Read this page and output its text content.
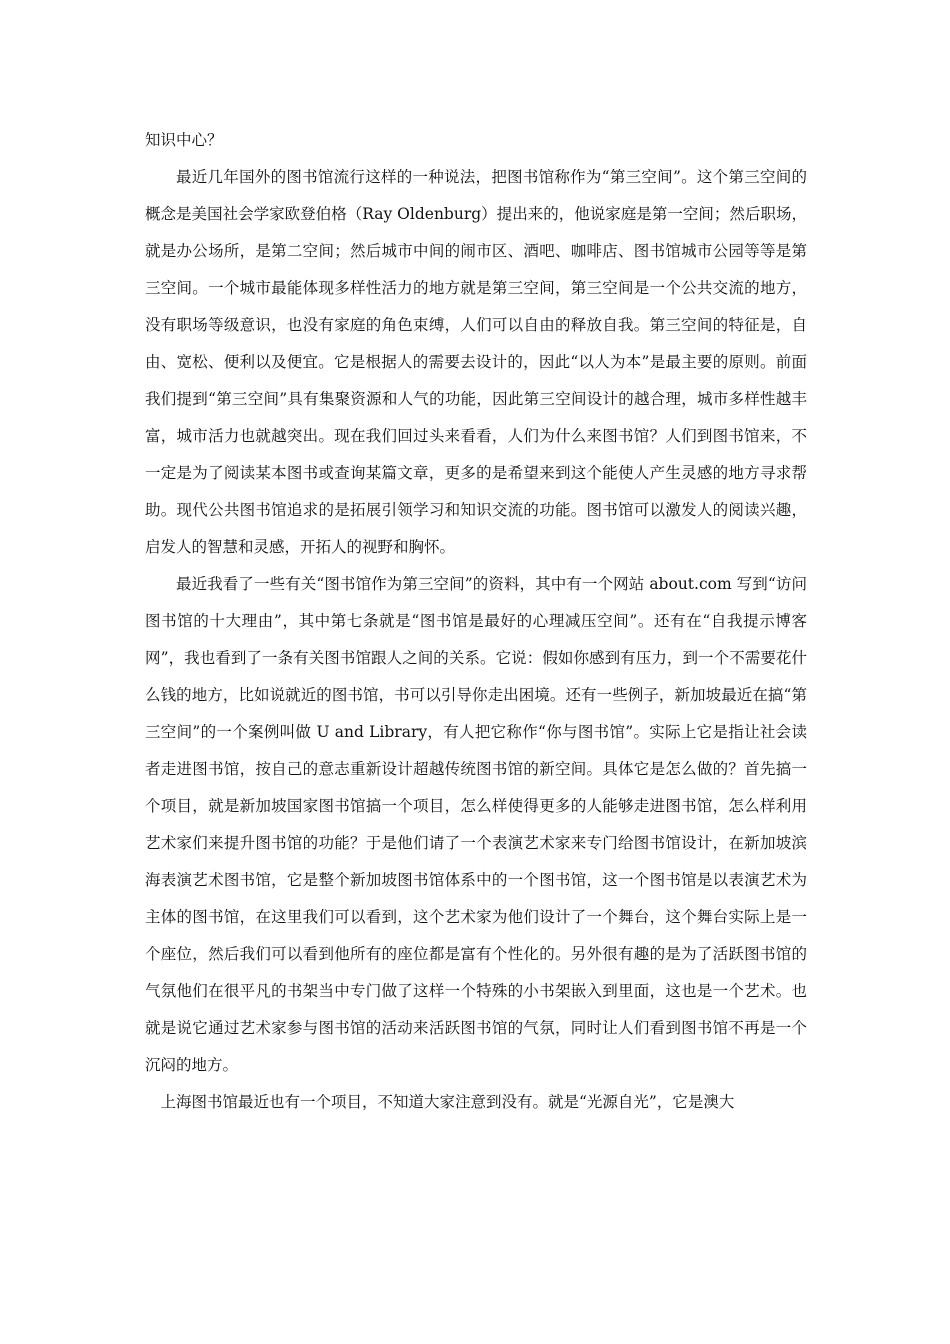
知识中心？

最近几年国外的图书馆流行这样的一种说法，把图书馆称作为“第三空间”。这个第三空间的概念是美国社会学家欧登伯格（Ray Oldenburg）提出来的，他说家庭是第一空间；然后职场，就是办公场所，是第二空间；然后城市中间的闹市区、酒吧、咖啡店、图书馆城市公园等等是第三空间。一个城市最能体现多样性活力的地方就是第三空间，第三空间是一个公共交流的地方，没有职场等级意识，也没有家庭的角色束缚，人们可以自由的释放自我。第三空间的特征是，自由、宽松、便利以及便宜。它是根据人的需要去设计的，因此“以人为本”是最主要的原则。前面我们提到“第三空间”具有集聚资源和人气的功能，因此第三空间设计的越合理，城市多样性越丰富，城市活力也就越突出。现在我们回过头来看看，人们为什么来图书馆？人们到图书馆来，不一定是为了阅读某本图书或查询某篇文章，更多的是希望来到这个能使人产生灵感的地方寻求帮助。现代公共图书馆追求的是拓展引领学习和知识交流的功能。图书馆可以激发人的阅读兴趣，启发人的智慧和灵感，开拓人的视野和胸怀。

最近我看了一些有关“图书馆作为第三空间”的资料，其中有一个网站 about.com 写到“访问图书馆的十大理由”，其中第七条就是“图书馆是最好的心理减压空间”。还有在“自我提示博客网”，我也看到了一条有关图书馆跟人之间的关系。它说：假如你感到有压力，到一个不需要花什么钱的地方，比如说就近的图书馆，书可以引导你走出困境。还有一些例子，新加坡最近在搞“第三空间”的一个案例叫做 U and Library，有人把它称作“你与图书馆”。实际上它是指让社会读者走进图书馆，按自己的意志重新设计超越传统图书馆的新空间。具体它是怎么做的？首先搞一个项目，就是新加坡国家图书馆搞一个项目，怎么样使得更多的人能够走进图书馆，怎么样利用艺术家们来提升图书馆的功能？于是他们请了一个表演艺术家来专门给图书馆设计，在新加坡滨海表演艺术图书馆，它是整个新加坡图书馆体系中的一个图书馆，这一个图书馆是以表演艺术为主体的图书馆，在这里我们可以看到，这个艺术家为他们设计了一个舞台，这个舞台实际上是一个座位，然后我们可以看到他所有的座位都是富有个性化的。另外很有趣的是为了活跃图书馆的气氛他们在很平凡的书架当中专门做了这样一个特殊的小书架嵌入到里面，这也是一个艺术。也就是说它通过艺术家参与图书馆的活动来活跃图书馆的气氛，同时让人们看到图书馆不再是一个沉闷的地方。

上海图书馆最近也有一个项目，不知道大家注意到没有。就是“光源自光”，它是澳大
